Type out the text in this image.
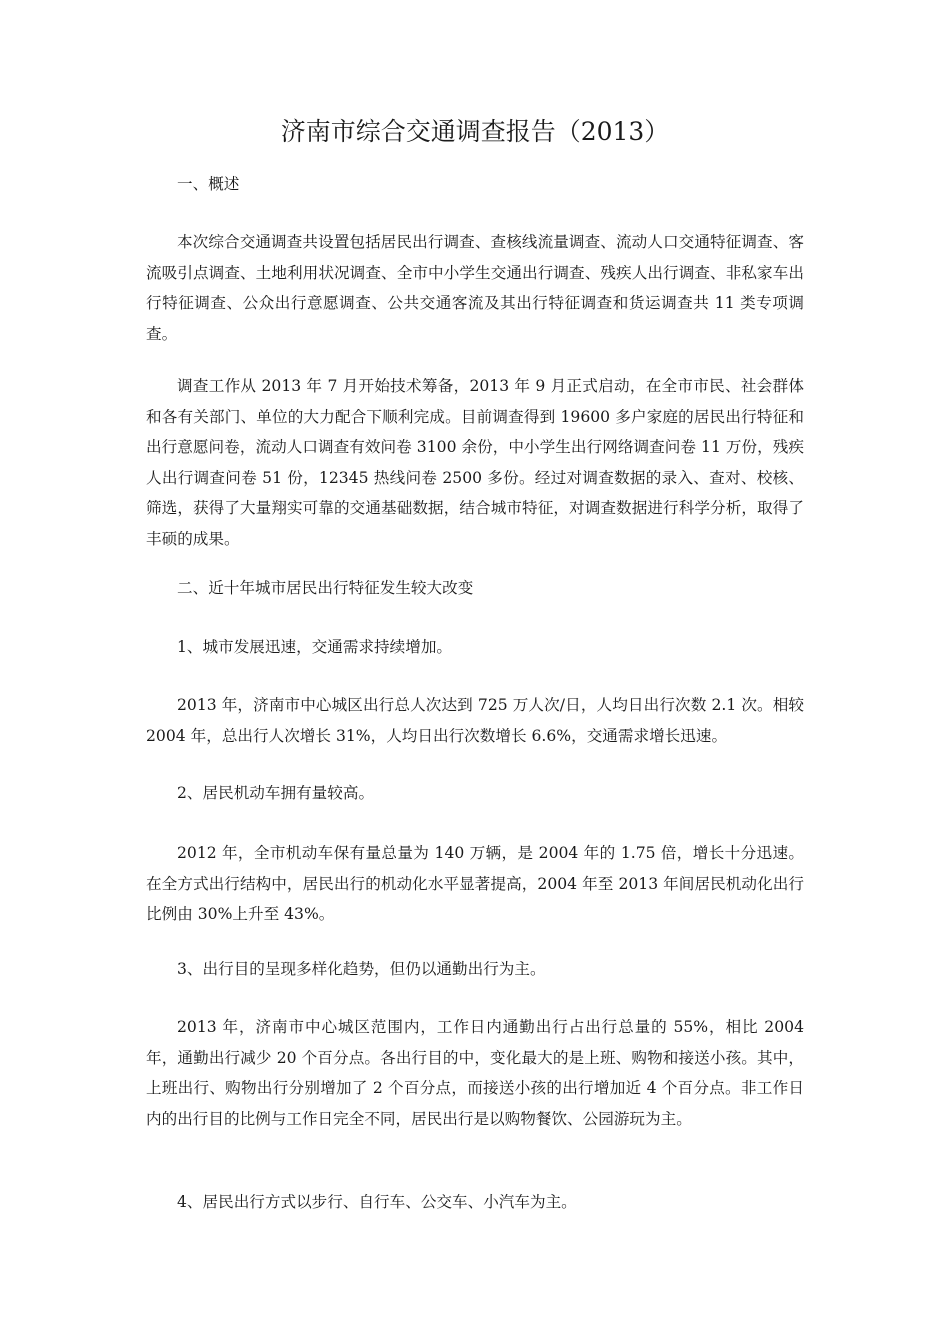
济南市综合交通调查报告（2013）

一、概述

本次综合交通调查共设置包括居民出行调查、查核线流量调查、流动人口交通特征调查、客流吸引点调查、土地利用状况调查、全市中小学生交通出行调查、残疾人出行调查、非私家车出行特征调查、公众出行意愿调查、公共交通客流及其出行特征调查和货运调查共 11 类专项调查。

调查工作从 2013 年 7 月开始技术筹备，2013 年 9 月正式启动，在全市市民、社会群体和各有关部门、单位的大力配合下顺利完成。目前调查得到 19600 多户家庭的居民出行特征和出行意愿问卷，流动人口调查有效问卷 3100 余份，中小学生出行网络调查问卷 11 万份，残疾人出行调查问卷 51 份，12345 热线问卷 2500 多份。经过对调查数据的录入、查对、校核、筛选，获得了大量翔实可靠的交通基础数据，结合城市特征，对调查数据进行科学分析，取得了丰硕的成果。

二、近十年城市居民出行特征发生较大改变

1、城市发展迅速，交通需求持续增加。

2013 年，济南市中心城区出行总人次达到 725 万人次/日，人均日出行次数 2.1 次。相较 2004 年，总出行人次增长 31%，人均日出行次数增长 6.6%，交通需求增长迅速。

2、居民机动车拥有量较高。

2012 年，全市机动车保有量总量为 140 万辆，是 2004 年的 1.75 倍，增长十分迅速。在全方式出行结构中，居民出行的机动化水平显著提高，2004 年至 2013 年间居民机动化出行比例由 30%上升至 43%。

3、出行目的呈现多样化趋势，但仍以通勤出行为主。

2013 年，济南市中心城区范围内，工作日内通勤出行占出行总量的 55%，相比 2004 年，通勤出行减少 20 个百分点。各出行目的中，变化最大的是上班、购物和接送小孩。其中，上班出行、购物出行分别增加了 2 个百分点，而接送小孩的出行增加近 4 个百分点。非工作日内的出行目的比例与工作日完全不同，居民出行是以购物餐饮、公园游玩为主。

4、居民出行方式以步行、自行车、公交车、小汽车为主。
